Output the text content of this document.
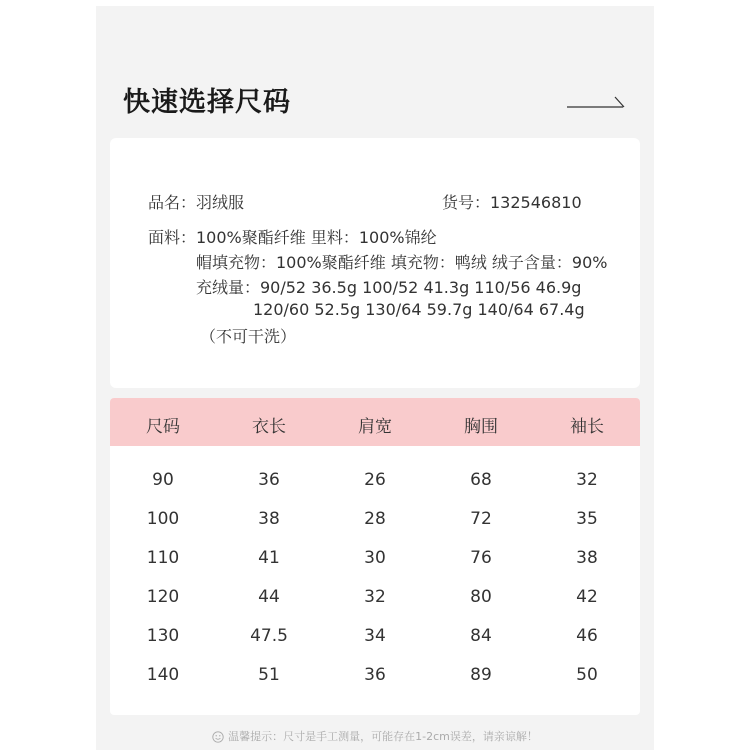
快速选择尺码
品名：羽绒服	货号：132546810
面料：100%聚酯纤维 里料：100%锦纶
帽填充物：100%聚酯纤维 填充物：鸭绒 绒子含量：90%
充绒量：90/52 36.5g 100/52 41.3g 110/56 46.9g
120/60 52.5g 130/64 59.7g 140/64 67.4g
（不可干洗）
尺码	衣长	肩宽	胸围	袖长
90	36	26	68	32
100	38	28	72	35
110	41	30	76	38
120	44	32	80	42
130	47.5	34	84	46
140	51	36	89	50
温馨提示：尺寸是手工测量，可能存在1-2cm误差，请亲谅解！
